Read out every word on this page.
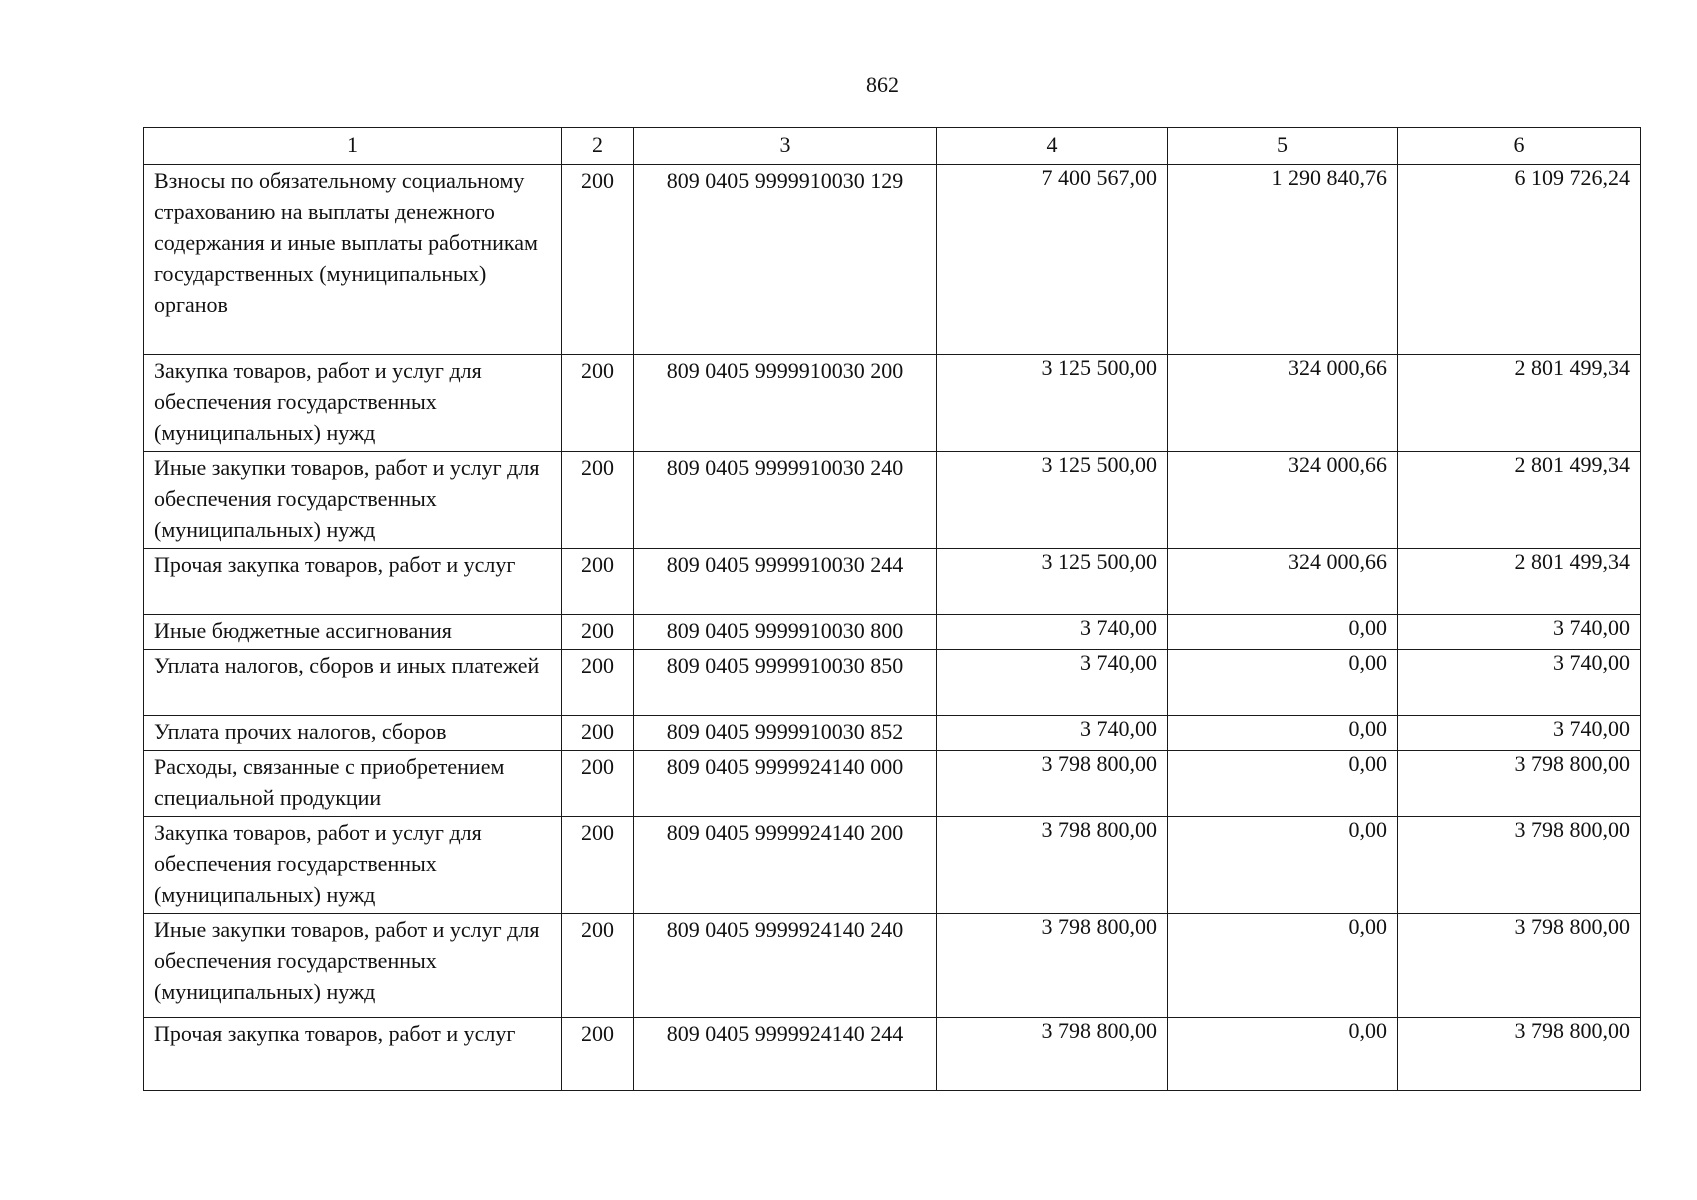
862
1	2	3	4	5	6
Взносы по обязательному социальному страхованию на выплаты денежного содержания и иные выплаты работникам государственных (муниципальных) органов	200	809 0405 9999910030 129	7 400 567,00	1 290 840,76	6 109 726,24
Закупка товаров, работ и услуг для обеспечения государственных (муниципальных) нужд	200	809 0405 9999910030 200	3 125 500,00	324 000,66	2 801 499,34
Иные закупки товаров, работ и услуг для обеспечения государственных (муниципальных) нужд	200	809 0405 9999910030 240	3 125 500,00	324 000,66	2 801 499,34
Прочая закупка товаров, работ и услуг	200	809 0405 9999910030 244	3 125 500,00	324 000,66	2 801 499,34
Иные бюджетные ассигнования	200	809 0405 9999910030 800	3 740,00	0,00	3 740,00
Уплата налогов, сборов и иных платежей	200	809 0405 9999910030 850	3 740,00	0,00	3 740,00
Уплата прочих налогов, сборов	200	809 0405 9999910030 852	3 740,00	0,00	3 740,00
Расходы, связанные с приобретением специальной продукции	200	809 0405 9999924140 000	3 798 800,00	0,00	3 798 800,00
Закупка товаров, работ и услуг для обеспечения государственных (муниципальных) нужд	200	809 0405 9999924140 200	3 798 800,00	0,00	3 798 800,00
Иные закупки товаров, работ и услуг для обеспечения государственных (муниципальных) нужд	200	809 0405 9999924140 240	3 798 800,00	0,00	3 798 800,00
Прочая закупка товаров, работ и услуг	200	809 0405 9999924140 244	3 798 800,00	0,00	3 798 800,00
